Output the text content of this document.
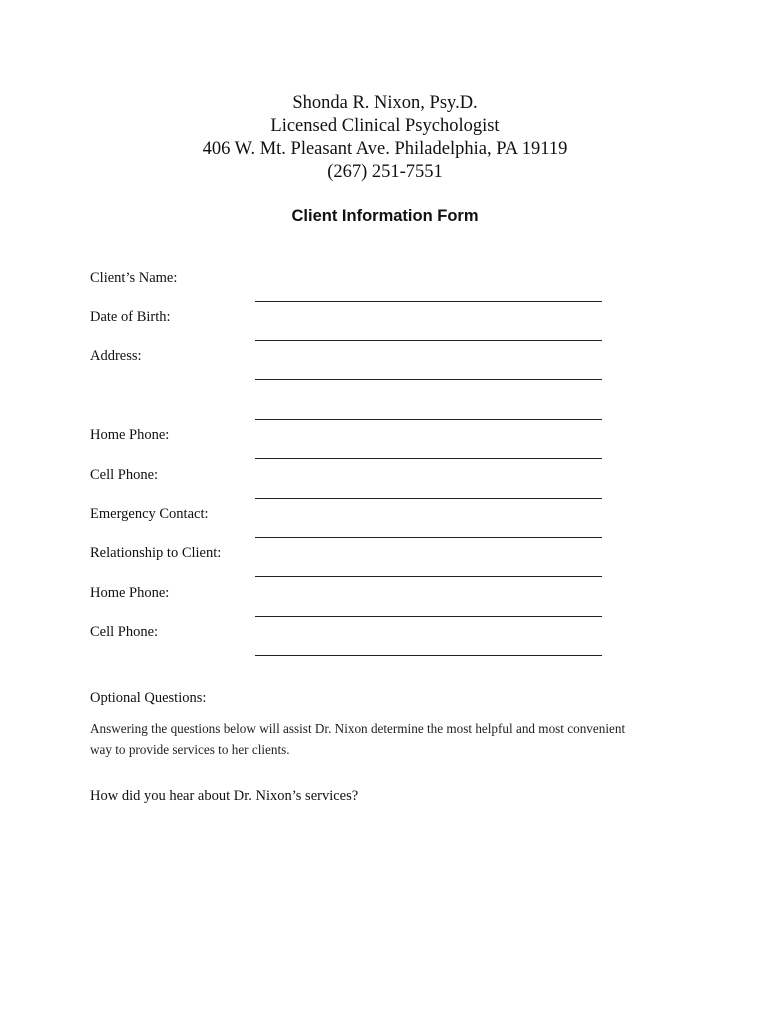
Shonda R. Nixon, Psy.D.
Licensed Clinical Psychologist
406 W. Mt. Pleasant Ave. Philadelphia, PA 19119
(267) 251-7551
Client Information Form
Client’s Name:
Date of Birth:
Address:
Home Phone:
Cell Phone:
Emergency Contact:
Relationship to Client:
Home Phone:
Cell Phone:
Optional Questions:
Answering the questions below will assist Dr. Nixon determine the most helpful and most convenient way to provide services to her clients.
How did you hear about Dr. Nixon’s services?
